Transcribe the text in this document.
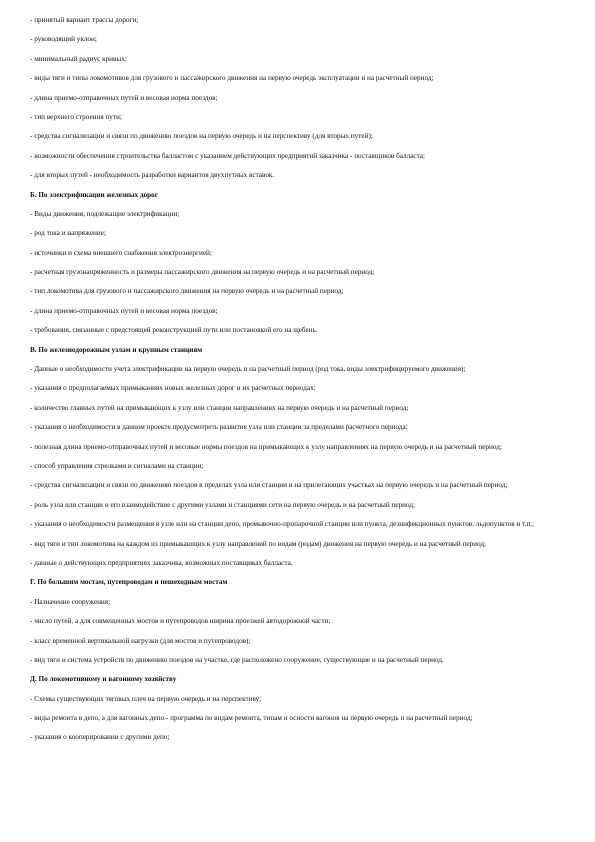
- принятый вариант трассы дороги;

- руководящий уклон;

- минимальный радиус кривых;

- виды тяги и типы локомотивов для грузового и пассажирского движения на первую очередь эксплуатации и на расчетный период;

- длина приемо-отправочных путей и весовая норма поездов;

- тип верхнего строения пути;

- средства сигнализации и связи по движению поездов на первую очередь и на перспективу (для вторых путей);

- возможности обеспечения строительства балластом с указанием действующих предприятий заказчика - поставщиков балласта;

- для вторых путей - необходимость разработки вариантов двухпутных вставок.

Б. По электрификации железных дорог

- Виды движения, подлежащие электрификации;

- род тока и напряжение;

- источники и схема внешнего снабжения электроэнергией;

- расчетная грузонапряженность и размеры пассажирского движения на первую очередь и на расчетный период;

- тип локомотива для грузового и пассажирского движения на первую очередь и на расчетный период;

- длина приемо-отправочных путей и весовая норма поездов;

- требования, связанные с предстоящей реконструкцией пути или постановкой его на щебень.

В. По железнодорожным узлам и крупным станциям

- Данные о необходимости учета электрификации на первую очередь и на расчетный период (род тока, виды электрифицируемого движения);

- указания о предполагаемых примыканиях новых железных дорог и их расчетных периодах;

- количество главных путей на примыкающих к узлу или станции направлениях на первую очередь и на расчетный период;

- указания о необходимости в данном проекте предусмотреть развитие узла или станции за пределами расчетного периода;

- полезная длина приемо-отправочных путей и весовые нормы поездов на примыкающих к узлу направлениях на первую очередь и на расчетный период;

- способ управления стрелками и сигналами на станции;

- средства сигнализации и связи по движению поездов в пределах узла или станции и на прилегающих участках на первую очередь и на расчетный период;

- роль узла или станции и его взаимодействие с другими узлами и станциями сети на первую очередь и на расчетный период;

- указания о необходимости размещения в узле или на станции депо, промывочно-пропарочной станции или пункта, дезинфекционных пунктов, льдопунктов и т.п.;

- вид тяги и тип локомотива на каждом из примыкающих к узлу направлений по видам (родам) движения на первую очередь и на расчетный период;

- данные о действующих предприятиях заказчика, возможных поставщиках балласта.

Г. По большим мостам, путепроводам и пешеходным мостам

- Назначение сооружения;

- число путей, а для совмещенных мостов и путепроводов ширина проезжей автодорожной части;

- класс временной вертикальной нагрузки (для мостов и путепроводов);

- вид тяги и система устройств по движению поездов на участке, где расположено сооружение, существующие и на расчетный период.

Д. По локомотивному и вагонному хозяйству

- Схемы существующих тяговых плеч на первую очередь и на перспективу;

- виды ремонта в депо, а для вагонных депо - программа по видам ремонта, типам и осности вагонов на первую очередь и на расчетный период;

- указания о кооперировании с другими депо;
